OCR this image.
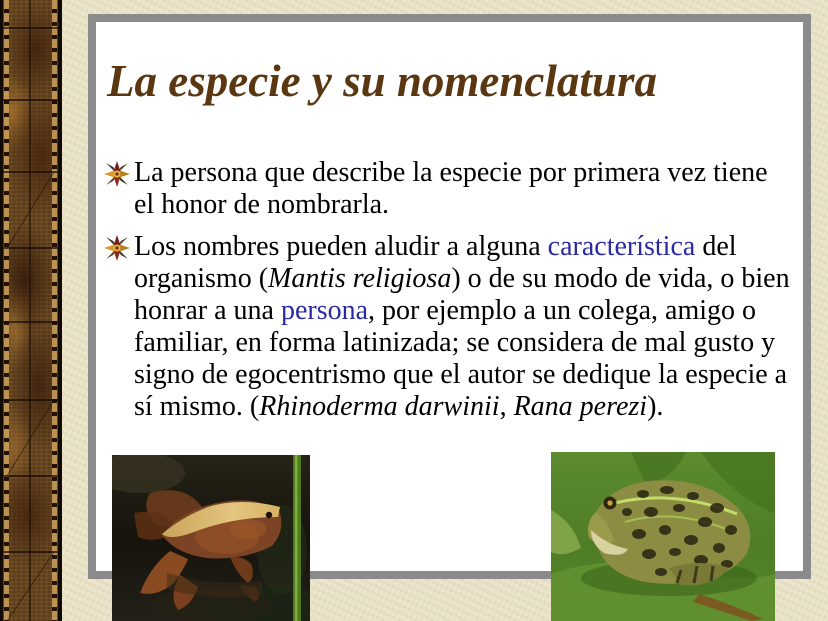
La especie y su nomenclatura

La persona que describe la especie por primera vez tiene el honor de nombrarla.

Los nombres pueden aludir a alguna característica del organismo (Mantis religiosa) o de su modo de vida, o bien honrar a una persona, por ejemplo a un colega, amigo o familiar, en forma latinizada; se considera de mal gusto y signo de egocentrismo que el autor se dedique la especie a sí mismo. (Rhinoderma darwinii, Rana perezi).
